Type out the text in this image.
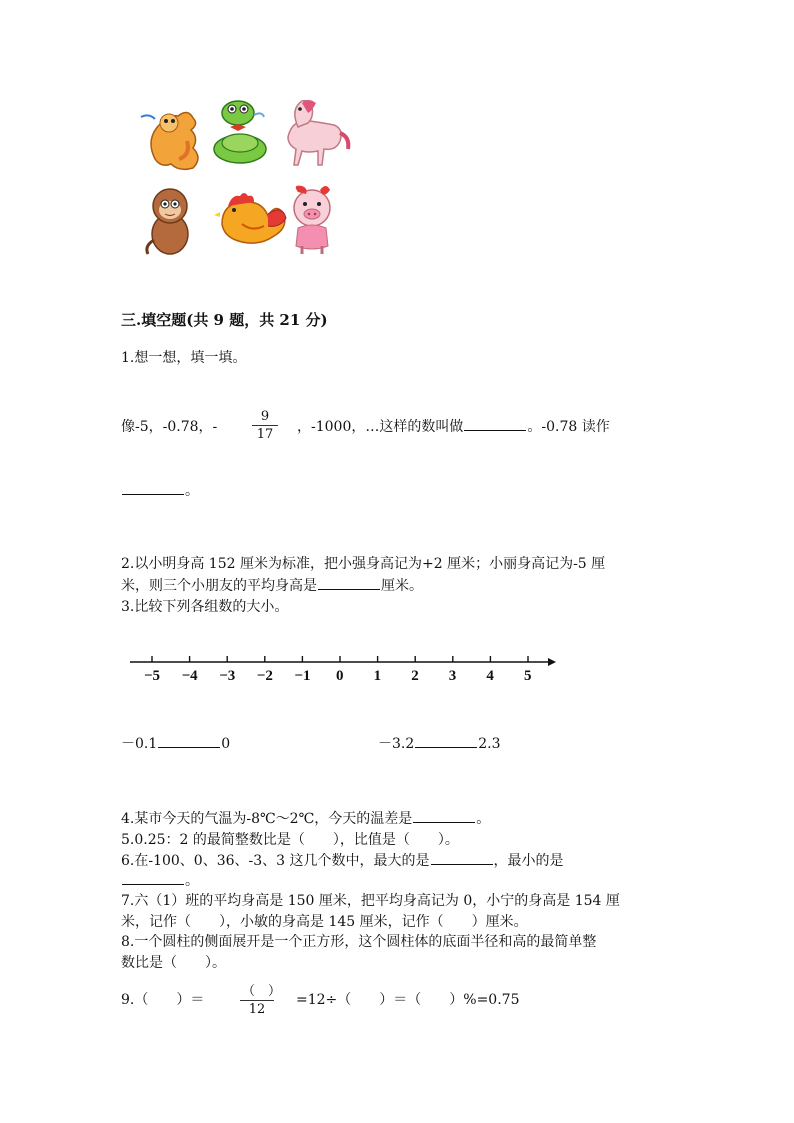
三.填空题(共 9 题，共 21 分)
1.想一想，填一填。
像-5，-0.78，-
9
17	，-1000，…这样的数叫做	。-0.78 读作
。
2.以小明身高 152 厘米为标准，把小强身高记为+2 厘米；小丽身高记为-5 厘
米，则三个小朋友的平均身高是	厘米。
3.比较下列各组数的大小。
−5 −4 −3 −2 −1 0 1 2 3 4 5
－0.1	0	－3.2	2.3
4.某市今天的气温为-8℃～2℃，今天的温差是	。
5.0.25：2 的最简整数比是（　　），比值是（　　）。
6.在-100、0、36、-3、3 这几个数中，最大的是	，最小的是
。
7.六（1）班的平均身高是 150 厘米，把平均身高记为 0，小宁的身高是 154 厘
米，记作（　　），小敏的身高是 145 厘米，记作（　　）厘米。
8.一个圆柱的侧面展开是一个正方形，这个圆柱体的底面半径和高的最简单整
数比是（　　）。
9.（　　）＝
（　）
12
=12÷（　　）＝（　　）%=0.75
